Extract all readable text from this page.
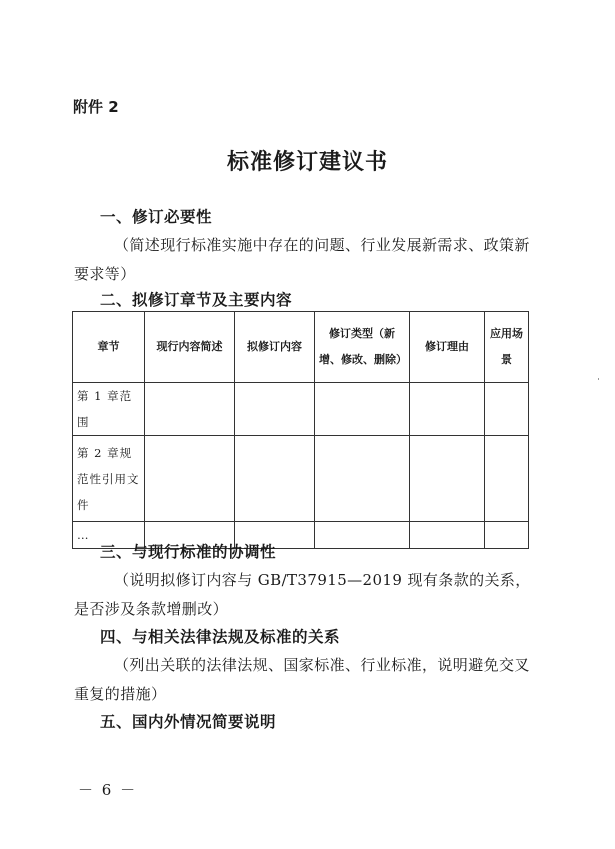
附件 2
标准修订建议书
一、修订必要性
（简述现行标准实施中存在的问题、行业发展新需求、政策新要求等）
二、拟修订章节及主要内容
章节	现行内容简述	拟修订内容	修订类型（新增、修改、删除）	修订理由	应用场景
第 1 章范围					
第 2 章规范性引用文件					
…					
三、与现行标准的协调性
（说明拟修订内容与 GB/T37915—2019 现有条款的关系，是否涉及条款增删改）
四、与相关法律法规及标准的关系
（列出关联的法律法规、国家标准、行业标准，说明避免交叉重复的措施）
五、国内外情况简要说明
－ 6 －
